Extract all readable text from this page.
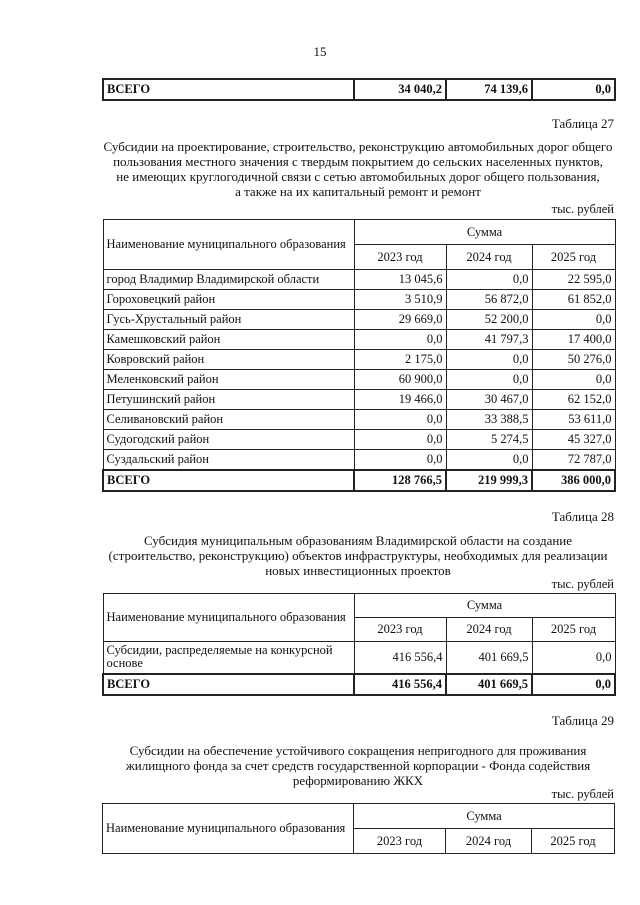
15
ВСЕГО	34 040,2	74 139,6	0,0
Таблица 27
Субсидии на проектирование, строительство, реконструкцию автомобильных дорог общего
пользования местного значения с твердым покрытием до сельских населенных пунктов,
не имеющих круглогодичной связи с сетью автомобильных дорог общего пользования,
а также на их капитальный ремонт и ремонт
тыс. рублей
Наименование муниципального образования	Сумма		
	2023 год	2024 год	2025 год
город Владимир Владимирской области	13 045,6	0,0	22 595,0
Гороховецкий район	3 510,9	56 872,0	61 852,0
Гусь-Хрустальный район	29 669,0	52 200,0	0,0
Камешковский район	0,0	41 797,3	17 400,0
Ковровский район	2 175,0	0,0	50 276,0
Меленковский район	60 900,0	0,0	0,0
Петушинский район	19 466,0	30 467,0	62 152,0
Селивановский район	0,0	33 388,5	53 611,0
Судогодский район	0,0	5 274,5	45 327,0
Суздальский район	0,0	0,0	72 787,0
ВСЕГО	128 766,5	219 999,3	386 000,0
Таблица 28
Субсидия муниципальным образованиям Владимирской области на создание
(строительство, реконструкцию) объектов инфраструктуры, необходимых для реализации
новых инвестиционных проектов
тыс. рублей
Наименование муниципального образования	Сумма		
	2023 год	2024 год	2025 год
Субсидии, распределяемые на конкурсной основе	416 556,4	401 669,5	0,0
ВСЕГО	416 556,4	401 669,5	0,0
Таблица 29
Субсидии на обеспечение устойчивого сокращения непригодного для проживания
жилищного фонда за счет средств государственной корпорации - Фонда содействия
реформированию ЖКХ
тыс. рублей
Наименование муниципального образования	Сумма		
	2023 год	2024 год	2025 год
